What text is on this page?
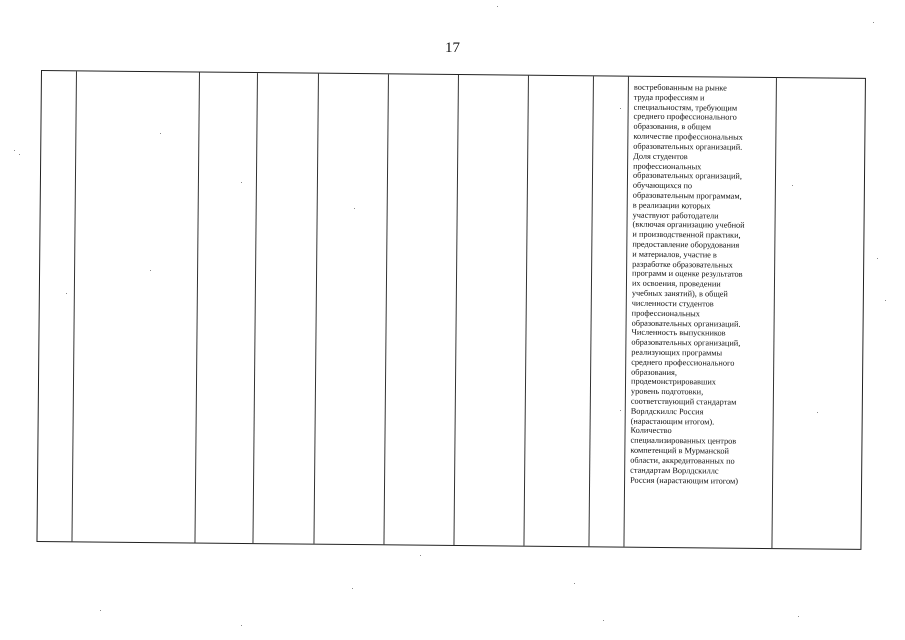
17
востребованным на рынке
труда профессиям и
специальностям, требующим
среднего профессионального
образования, в общем
количестве профессиональных
образовательных организаций.
Доля студентов
профессиональных
образовательных организаций,
обучающихся по
образовательным программам,
в реализации которых
участвуют работодатели
(включая организацию учебной
и производственной практики,
предоставление оборудования
и материалов, участие в
разработке образовательных
программ и оценке результатов
их освоения, проведении
учебных занятий), в общей
численности студентов
профессиональных
образовательных организаций.
Численность выпускников
образовательных организаций,
реализующих программы
среднего профессионального
образования,
продемонстрировавших
уровень подготовки,
соответствующий стандартам
Ворлдскиллс Россия
(нарастающим итогом).
Количество
специализированных центров
компетенций в Мурманской
области, аккредитованных по
стандартам Ворлдскиллс
Россия (нарастающим итогом)
